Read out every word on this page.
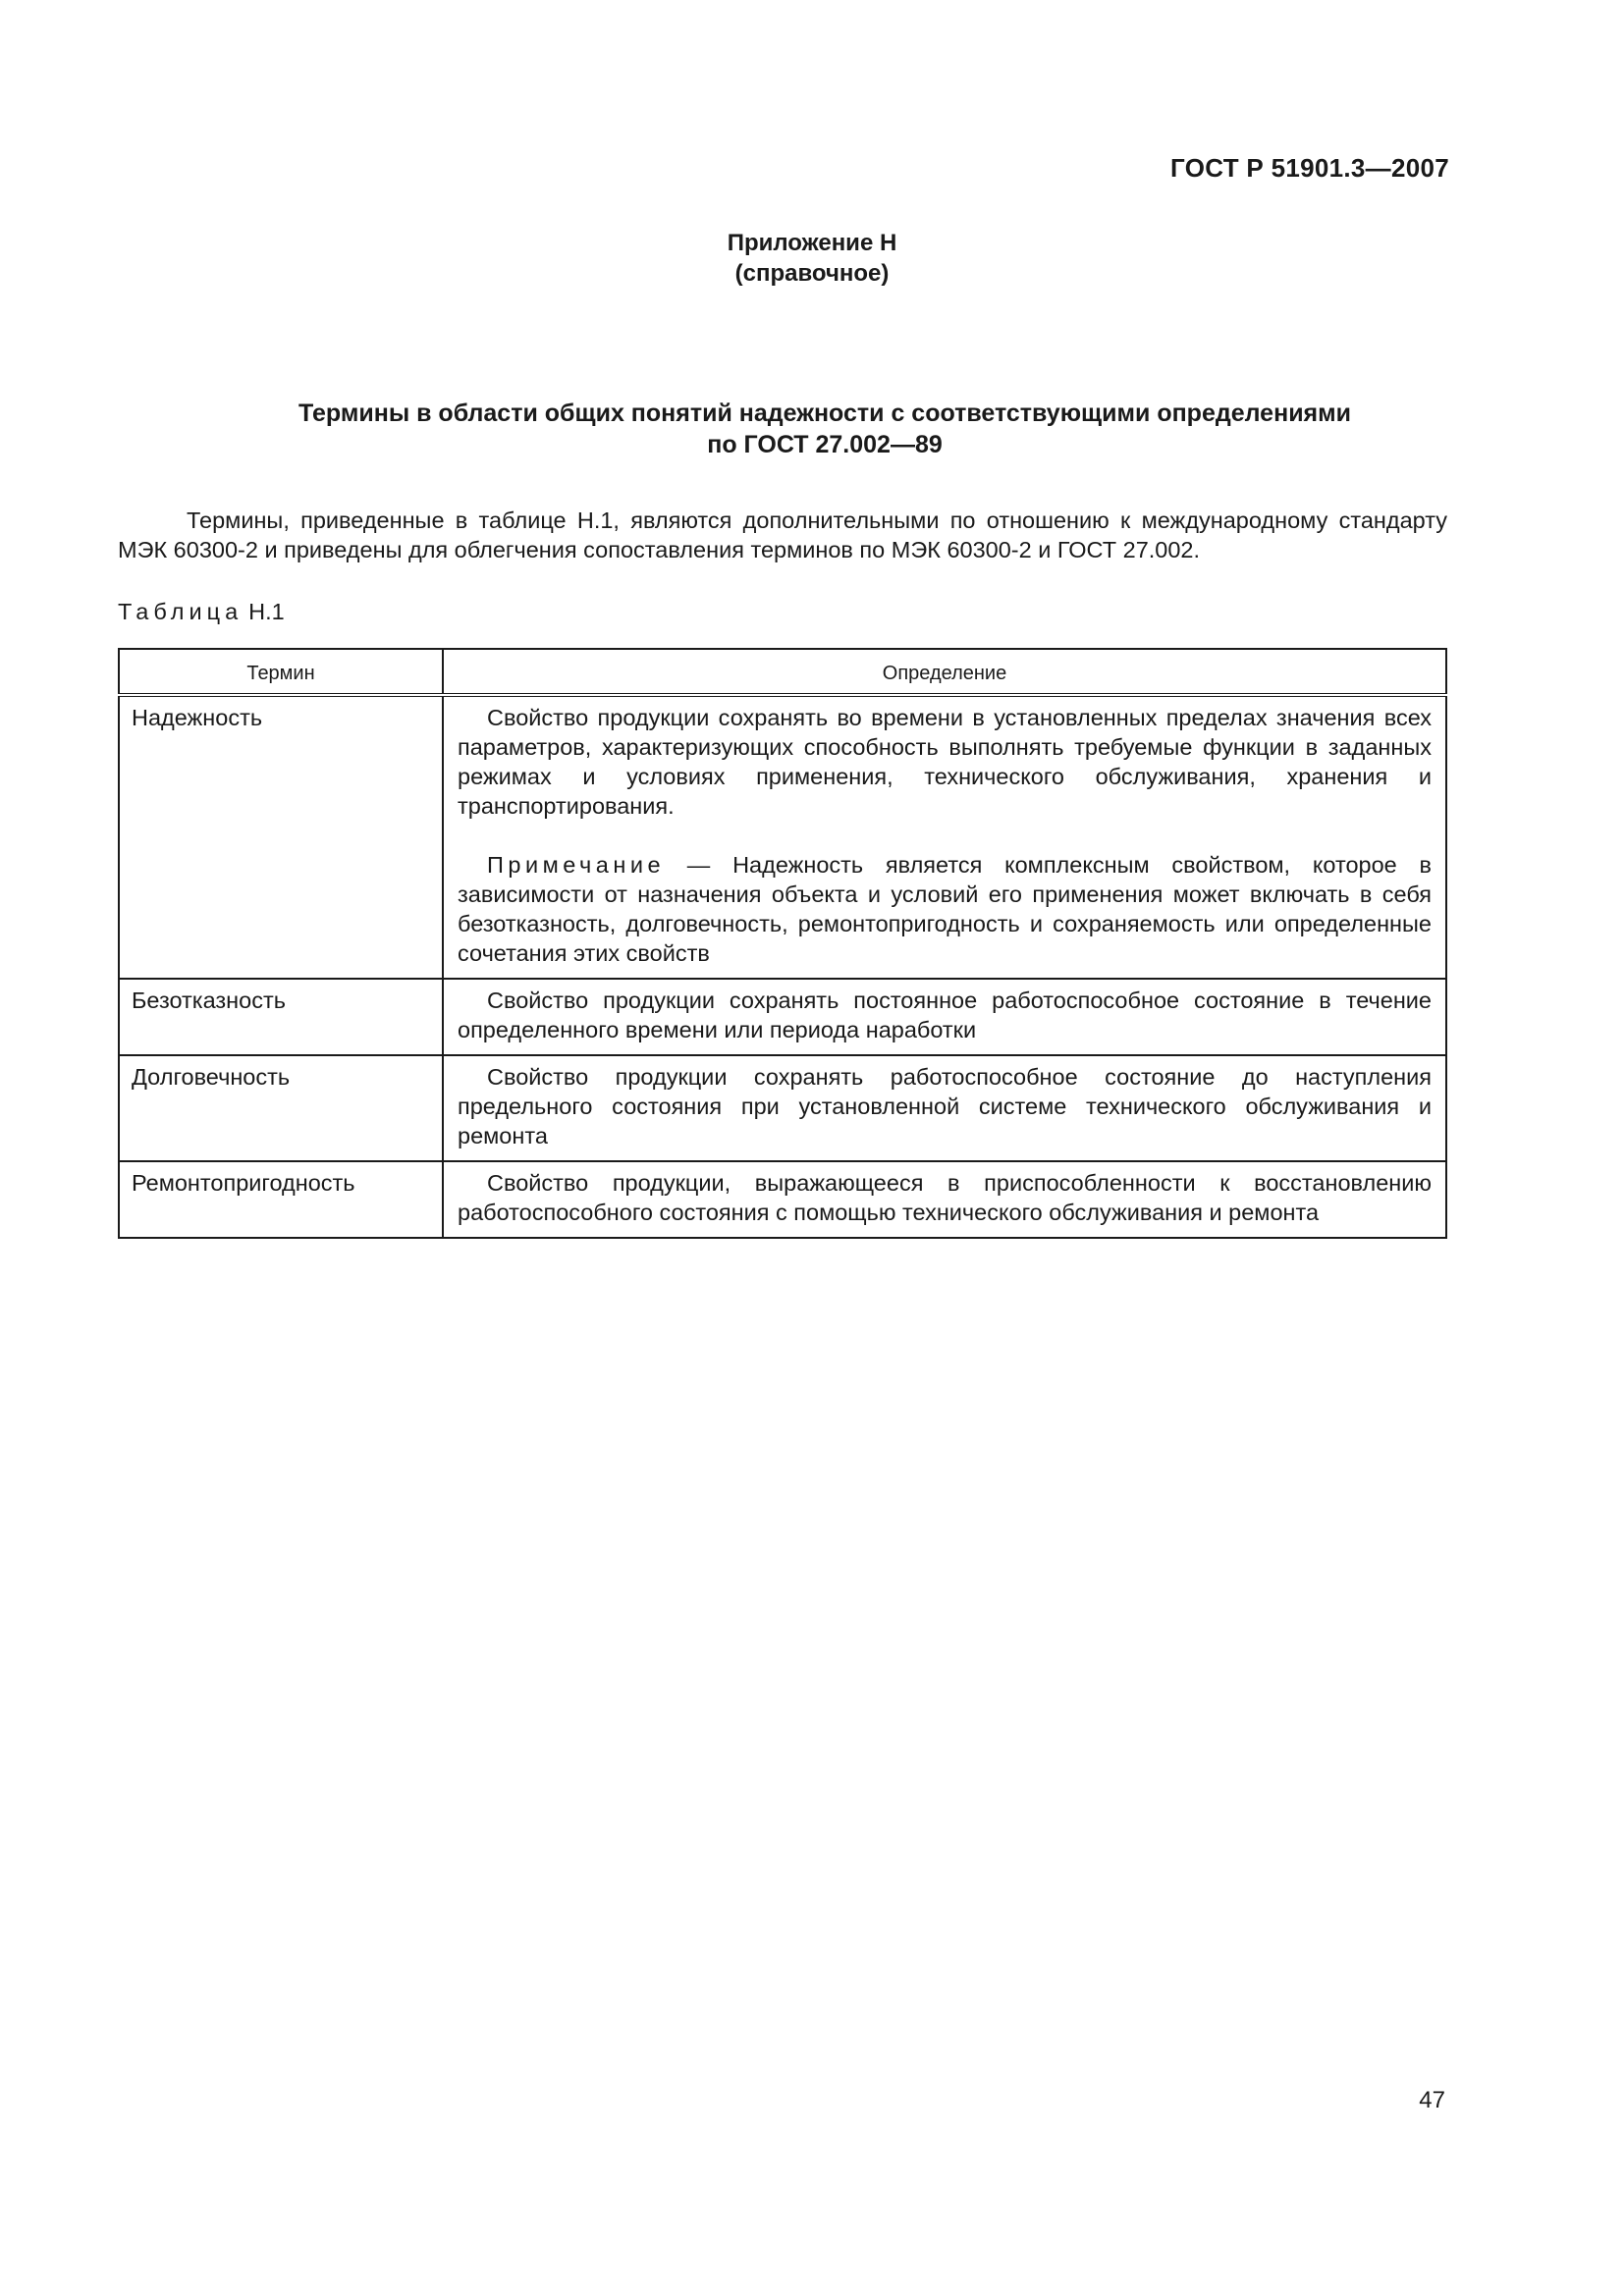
ГОСТ Р 51901.3—2007
Приложение Н
(справочное)
Термины в области общих понятий надежности с соответствующими определениями
по ГОСТ 27.002—89

Термины, приведенные в таблице Н.1, являются дополнительными по отношению к международному стандарту МЭК 60300-2 и приведены для облегчения сопоставления терминов по МЭК 60300-2 и ГОСТ 27.002.

Таблица Н.1
Термин	Определение
Надежность	Свойство продукции сохранять во времени в установленных пределах значения всех параметров, характеризующих способность выполнять требуемые функции в заданных режимах и условиях применения, технического обслуживания, хранения и транспортирования.

Примечание — Надежность является комплексным свойством, которое в зависимости от назначения объекта и условий его применения может включать в себя безотказность, долговечность, ремонтопригодность и сохраняемость или определенные сочетания этих свойств

Безотказность	Свойство продукции сохранять постоянное работоспособное состояние в течение определенного времени или периода наработки

Долговечность	Свойство продукции сохранять работоспособное состояние до наступления предельного состояния при установленной системе технического обслуживания и ремонта

Ремонтопригодность	Свойство продукции, выражающееся в приспособленности к восстановлению работоспособного состояния с помощью технического обслуживания и ремонта

47
